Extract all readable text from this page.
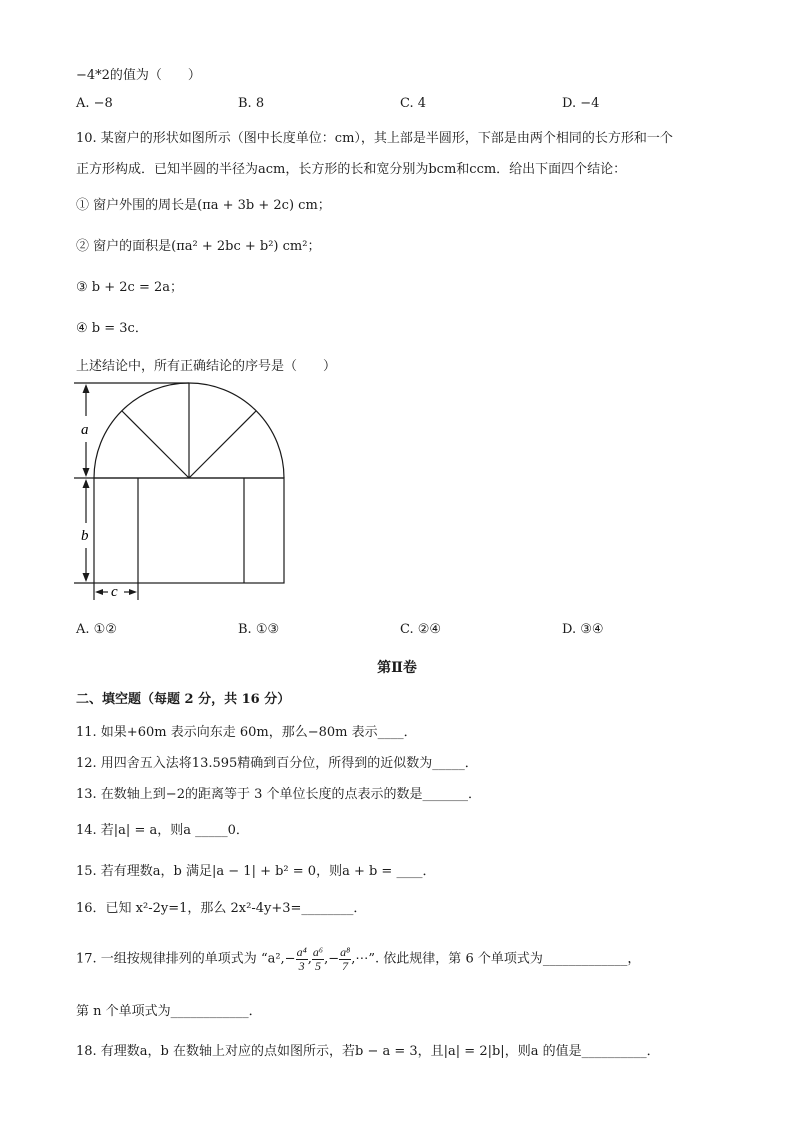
−4*2的值为（　　）
A. −8	B. 8	C. 4	D. −4
10. 某窗户的形状如图所示（图中长度单位：cm），其上部是半圆形，下部是由两个相同的长方形和一个
正方形构成．已知半圆的半径为acm，长方形的长和宽分别为bcm和ccm．给出下面四个结论：
① 窗户外围的周长是(πa + 3b + 2c) cm；
② 窗户的面积是(πa² + 2bc + b²) cm²；
③ b + 2c = 2a；
④ b = 3c．
上述结论中，所有正确结论的序号是（　　）
a
b
c
A. ①②	B. ①③	C. ②④	D. ③④
第Ⅱ卷
二、填空题（每题 2 分，共 16 分）
11. 如果+60m 表示向东走 60m，那么−80m 表示____．
12. 用四舍五入法将13.595精确到百分位，所得到的近似数为_____．
13. 在数轴上到−2的距离等于 3 个单位长度的点表示的数是_______．
14. 若|a| = a，则a _____0．
15. 若有理数a，b 满足|a − 1| + b² = 0，则a + b = ____．
16．已知 x²-2y=1，那么 2x²-4y+3=________．
17. 一组按规律排列的单项式为 “$a^2,- \frac{\text{a⁴}}{3}$ , $\frac{\text{a⁶}}{5}$ ,− $\frac{\text{a⁸}}{7}$ ,⋯”. 依此规律，第 6 个单项式为_____________，
第 n 个单项式为____________．
18. 有理数a，b 在数轴上对应的点如图所示，若b − a = 3，且|a| = 2|b|，则a 的值是__________．
